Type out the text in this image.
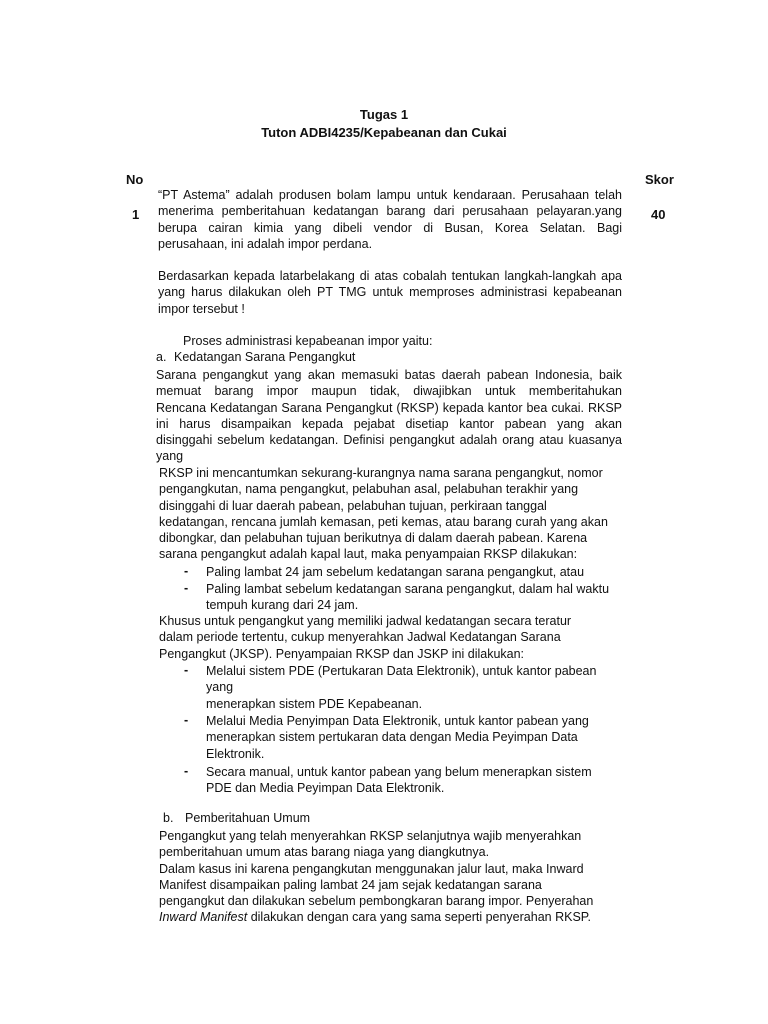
Tugas 1
Tuton ADBI4235/Kepabeanan dan Cukai
No	Skor
1	40
“PT Astema” adalah produsen bolam lampu untuk kendaraan. Perusahaan telah
menerima pemberitahuan kedatangan barang dari perusahaan pelayaran.yang
berupa cairan kimia yang dibeli vendor di Busan, Korea Selatan. Bagi
perusahaan, ini adalah impor perdana.
Berdasarkan kepada latarbelakang di atas cobalah tentukan langkah-langkah apa
yang harus dilakukan oleh PT TMG untuk memproses administrasi kepabeanan
impor tersebut !
Proses administrasi kepabeanan impor yaitu:
a. Kedatangan Sarana Pengangkut
Sarana pengangkut yang akan memasuki batas daerah pabean Indonesia, baik
memuat barang impor maupun tidak, diwajibkan untuk memberitahukan
Rencana Kedatangan Sarana Pengangkut (RKSP) kepada kantor bea cukai. RKSP
ini harus disampaikan kepada pejabat disetiap kantor pabean yang akan
disinggahi sebelum kedatangan. Definisi pengangkut adalah orang atau kuasanya
yang
RKSP ini mencantumkan sekurang-kurangnya nama sarana pengangkut, nomor
pengangkutan, nama pengangkut, pelabuhan asal, pelabuhan terakhir yang
disinggahi di luar daerah pabean, pelabuhan tujuan, perkiraan tanggal
kedatangan, rencana jumlah kemasan, peti kemas, atau barang curah yang akan
dibongkar, dan pelabuhan tujuan berikutnya di dalam daerah pabean. Karena
sarana pengangkut adalah kapal laut, maka penyampaian RKSP dilakukan:
- Paling lambat 24 jam sebelum kedatangan sarana pengangkut, atau
- Paling lambat sebelum kedatangan sarana pengangkut, dalam hal waktu
tempuh kurang dari 24 jam.
Khusus untuk pengangkut yang memiliki jadwal kedatangan secara teratur
dalam periode tertentu, cukup menyerahkan Jadwal Kedatangan Sarana
Pengangkut (JKSP). Penyampaian RKSP dan JSKP ini dilakukan:
- Melalui sistem PDE (Pertukaran Data Elektronik), untuk kantor pabean
yang
menerapkan sistem PDE Kepabeanan.
- Melalui Media Penyimpan Data Elektronik, untuk kantor pabean yang
menerapkan sistem pertukaran data dengan Media Peyimpan Data
Elektronik.
- Secara manual, untuk kantor pabean yang belum menerapkan sistem
PDE dan Media Peyimpan Data Elektronik.
b. Pemberitahuan Umum
Pengangkut yang telah menyerahkan RKSP selanjutnya wajib menyerahkan
pemberitahuan umum atas barang niaga yang diangkutnya.
Dalam kasus ini karena pengangkutan menggunakan jalur laut, maka Inward
Manifest disampaikan paling lambat 24 jam sejak kedatangan sarana
pengangkut dan dilakukan sebelum pembongkaran barang impor. Penyerahan
Inward Manifest dilakukan dengan cara yang sama seperti penyerahan RKSP.
